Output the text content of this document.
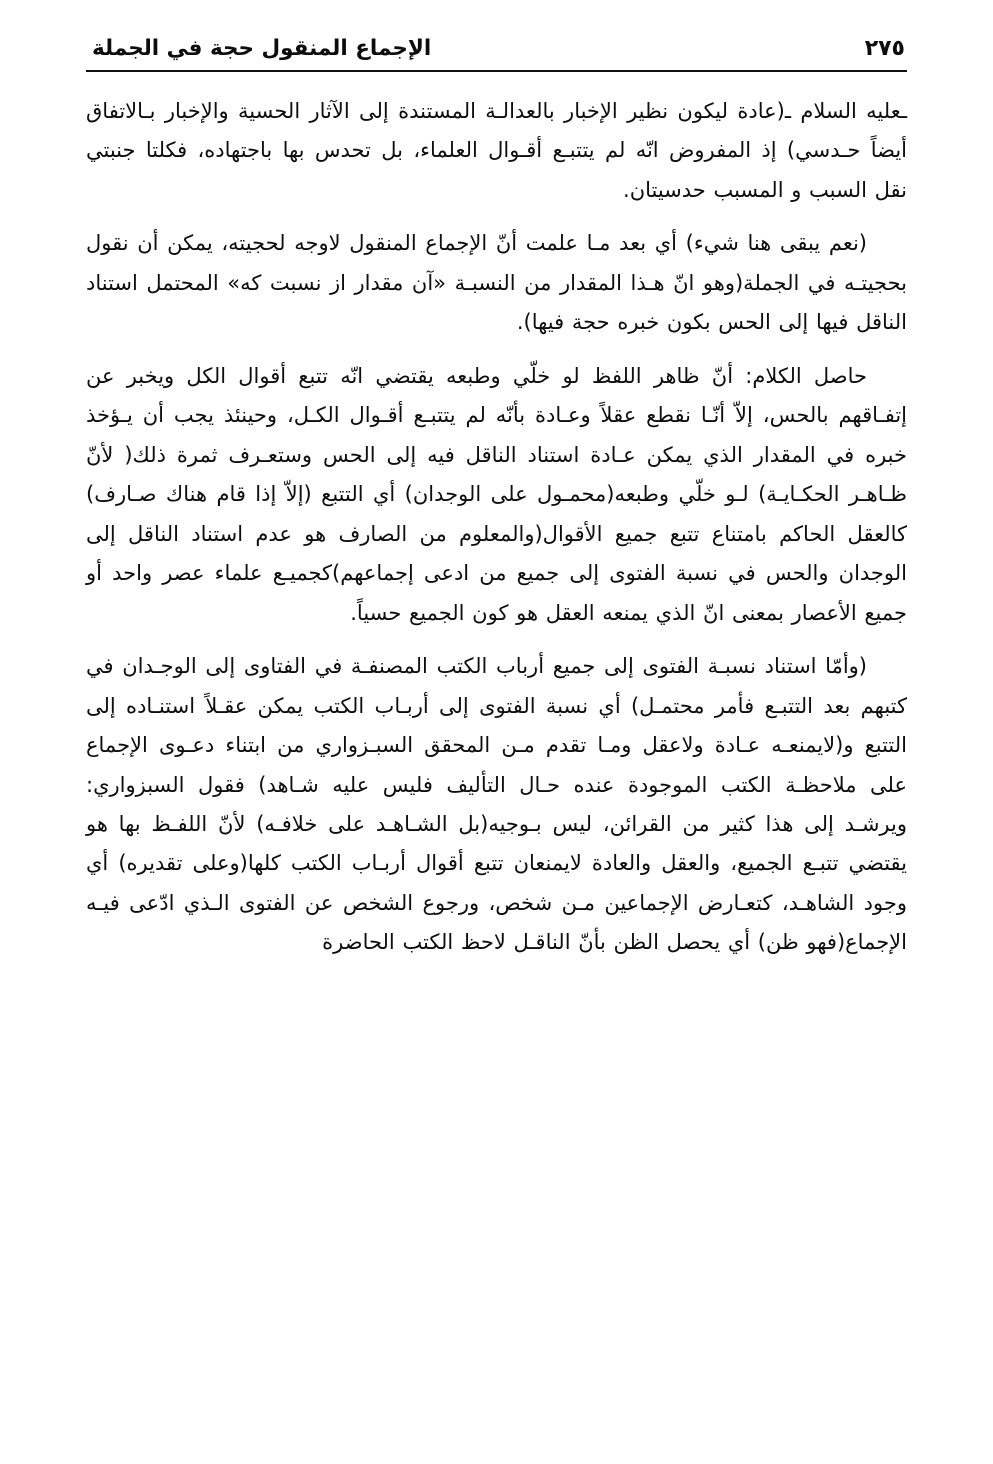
الإجماع المنقول حجة في الجملة	٢٧٥

ـعليه السلام ـ(عادة ليكون نظير الإخبار بالعدالـة المستندة إلى الآثار الحسية والإخبار بـالاتفاق أيضاً حـدسي) إذ المفروض انّه لم يتتبـع أقـوال العلماء، بل تحدس بها باجتهاده، فكلتا جنبتي نقل السبب و المسبب حدسيتان.

(نعم يبقى هنا شيء) أي بعد مـا علمت أنّ الإجماع المنقول لاوجه لحجيته، يمكن أن نقول بحجيتـه في الجملة(وهو انّ هـذا المقدار من النسبـة «آن مقدار از نسبت كه» المحتمل استناد الناقل فيها إلى الحس بكون خبره حجة فيها).

حاصل الكلام: أنّ ظاهر اللفظ لو خلّي وطبعه يقتضي انّه تتبع أقوال الكل ويخبر عن إتفـاقهم بالحس، إلاّ أنّـا نقطع عقلاً وعـادة بأنّه لم يتتبـع أقـوال الكـل، وحينئذ يجب أن يـؤخذ خبره في المقدار الذي يمكن عـادة استناد الناقل فيه إلى الحس وستعـرف ثمرة ذلك( لأنّ ظـاهـر الحكـايـة) لـو خلّي وطبعه(محمـول على الوجدان) أي التتبع (إلاّ إذا قام هناك صـارف) كالعقل الحاكم بامتناع تتبع جميع الأقوال(والمعلوم من الصارف هو عدم استناد الناقل إلى الوجدان والحس في نسبة الفتوى إلى جميع من ادعى إجماعهم)كجميـع علماء عصر واحد أو جميع الأعصار بمعنى انّ الذي يمنعه العقل هو كون الجميع حسياً.

(وأمّا استناد نسبـة الفتوى إلى جميع أرباب الكتب المصنفـة في الفتاوى إلى الوجـدان في كتبهم بعد التتبـع فأمر محتمـل) أي نسبة الفتوى إلى أربـاب الكتب يمكن عقـلاً استنـاده إلى التتبع و(لايمنعـه عـادة ولاعقل ومـا تقدم مـن المحقق السبـزواري من ابتناء دعـوى الإجماع على ملاحظـة الكتب الموجودة عنده حـال التأليف فليس عليه شـاهد) فقول السبزواري: ويرشـد إلى هذا كثير من القرائن، ليس بـوجيه(بل الشـاهـد على خلافـه) لأنّ اللفـظ بها هو يقتضي تتبـع الجميع، والعقل والعادة لايمنعان تتبع أقوال أربـاب الكتب كلها(وعلى تقديره) أي وجود الشاهـد، كتعـارض الإجماعين مـن شخص، ورجوع الشخص عن الفتوى الـذي ادّعى فيـه الإجماع(فهو ظن) أي يحصل الظن بأنّ الناقـل لاحظ الكتب الحاضرة
